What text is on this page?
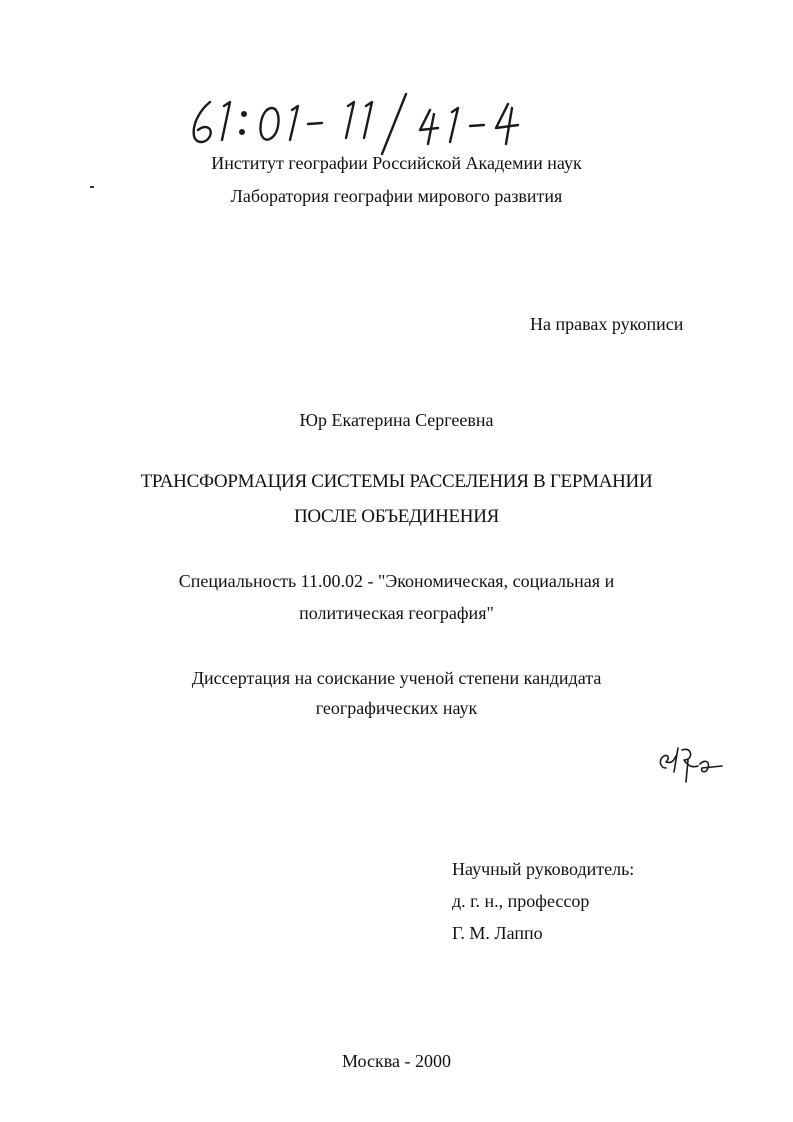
Институт географии Российской Академии наук
Лаборатория географии мирового развития
На правах рукописи
Юр Екатерина Сергеевна
ТРАНСФОРМАЦИЯ СИСТЕМЫ РАССЕЛЕНИЯ В ГЕРМАНИИ
ПОСЛЕ ОБЪЕДИНЕНИЯ
Специальность 11.00.02 - "Экономическая, социальная и
политическая география"
Диссертация на соискание ученой степени кандидата
географических наук
Научный руководитель:
д. г. н., профессор
Г. М. Лаппо
Москва - 2000
